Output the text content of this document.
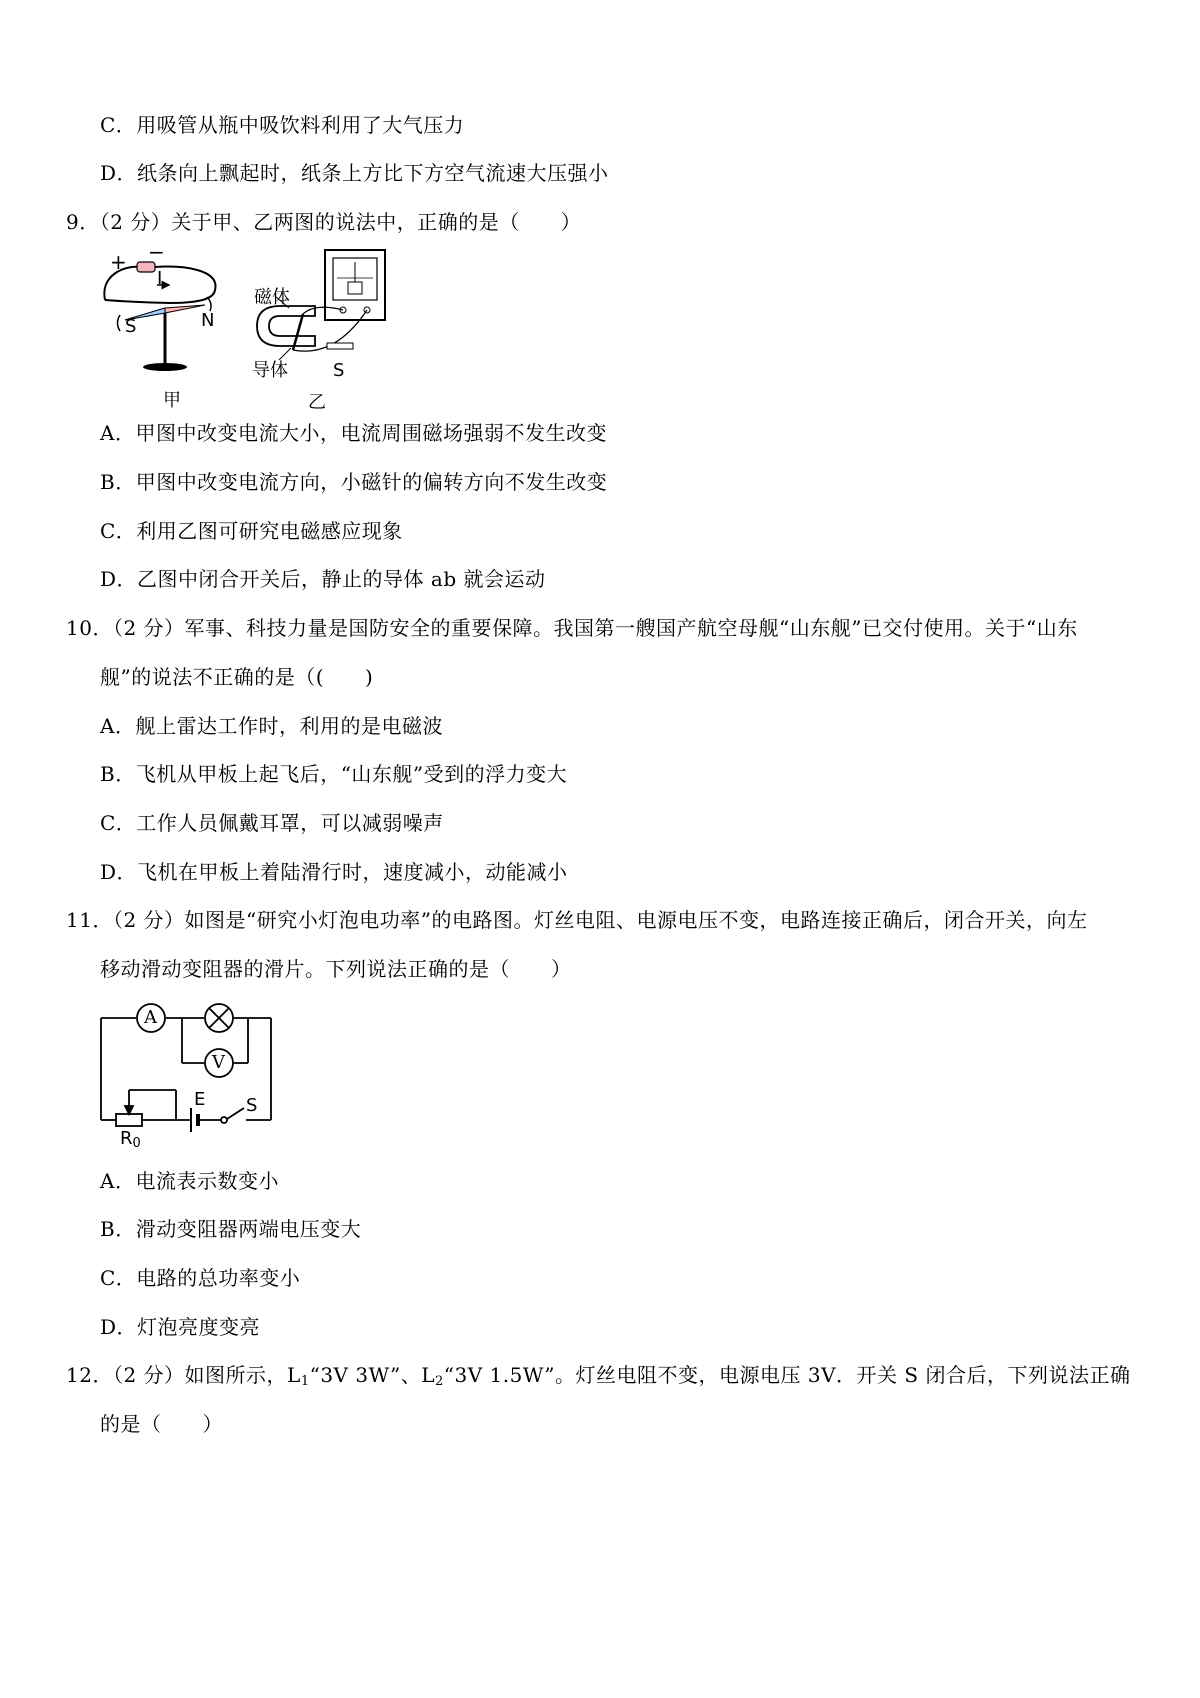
C．用吸管从瓶中吸饮料利用了大气压力
D．纸条向上飘起时，纸条上方比下方空气流速大压强小
9．（2 分）关于甲、乙两图的说法中，正确的是（　　）
+ −
I
S	N
甲
磁体
导体	S
乙
A．甲图中改变电流大小，电流周围磁场强弱不发生改变
B．甲图中改变电流方向，小磁针的偏转方向不发生改变
C．利用乙图可研究电磁感应现象
D．乙图中闭合开关后，静止的导体 ab 就会运动
10．（2 分）军事、科技力量是国防安全的重要保障。我国第一艘国产航空母舰“山东舰”已交付使用。关于“山东
舰”的说法不正确的是（(　　)
A．舰上雷达工作时，利用的是电磁波
B．飞机从甲板上起飞后，“山东舰”受到的浮力变大
C．工作人员佩戴耳罩，可以减弱噪声
D．飞机在甲板上着陆滑行时，速度减小，动能减小
11．（2 分）如图是“研究小灯泡电功率”的电路图。灯丝电阻、电源电压不变，电路连接正确后，闭合开关，向左
移动滑动变阻器的滑片。下列说法正确的是（　　）
A
V
E S
$R_0$
A．电流表示数变小
B．滑动变阻器两端电压变大
C．电路的总功率变小
D．灯泡亮度变亮
12．（2 分）如图所示，$L_1“3V$ 3W”、$L_2“3V$ 1.5W”。灯丝电阻不变，电源电压 3V．开关 S 闭合后，下列说法正确
的是（　　）
